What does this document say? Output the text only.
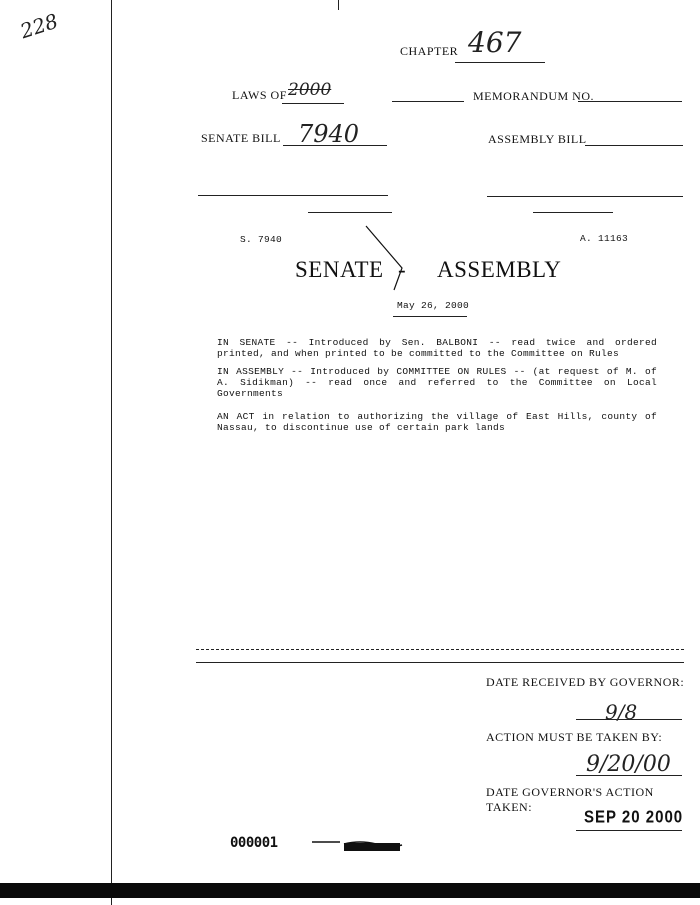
228
CHAPTER 467
LAWS OF 2000	MEMORANDUM NO.
SENATE BILL 7940	ASSEMBLY BILL
S. 7940	A. 11163
SENATE - ASSEMBLY
May 26, 2000
IN SENATE -- Introduced by Sen. BALBONI -- read twice and ordered printed, and when printed to be committed to the Committee on Rules
IN ASSEMBLY -- Introduced by COMMITTEE ON RULES -- (at request of M. of A. Sidikman) -- read once and referred to the Committee on Local Governments
AN ACT in relation to authorizing the village of East Hills, county of Nassau, to discontinue use of certain park lands
DATE RECEIVED BY GOVERNOR:
9/8
ACTION MUST BE TAKEN BY:
9/20/00
DATE GOVERNOR'S ACTION TAKEN:
SEP 20 2000
000001
